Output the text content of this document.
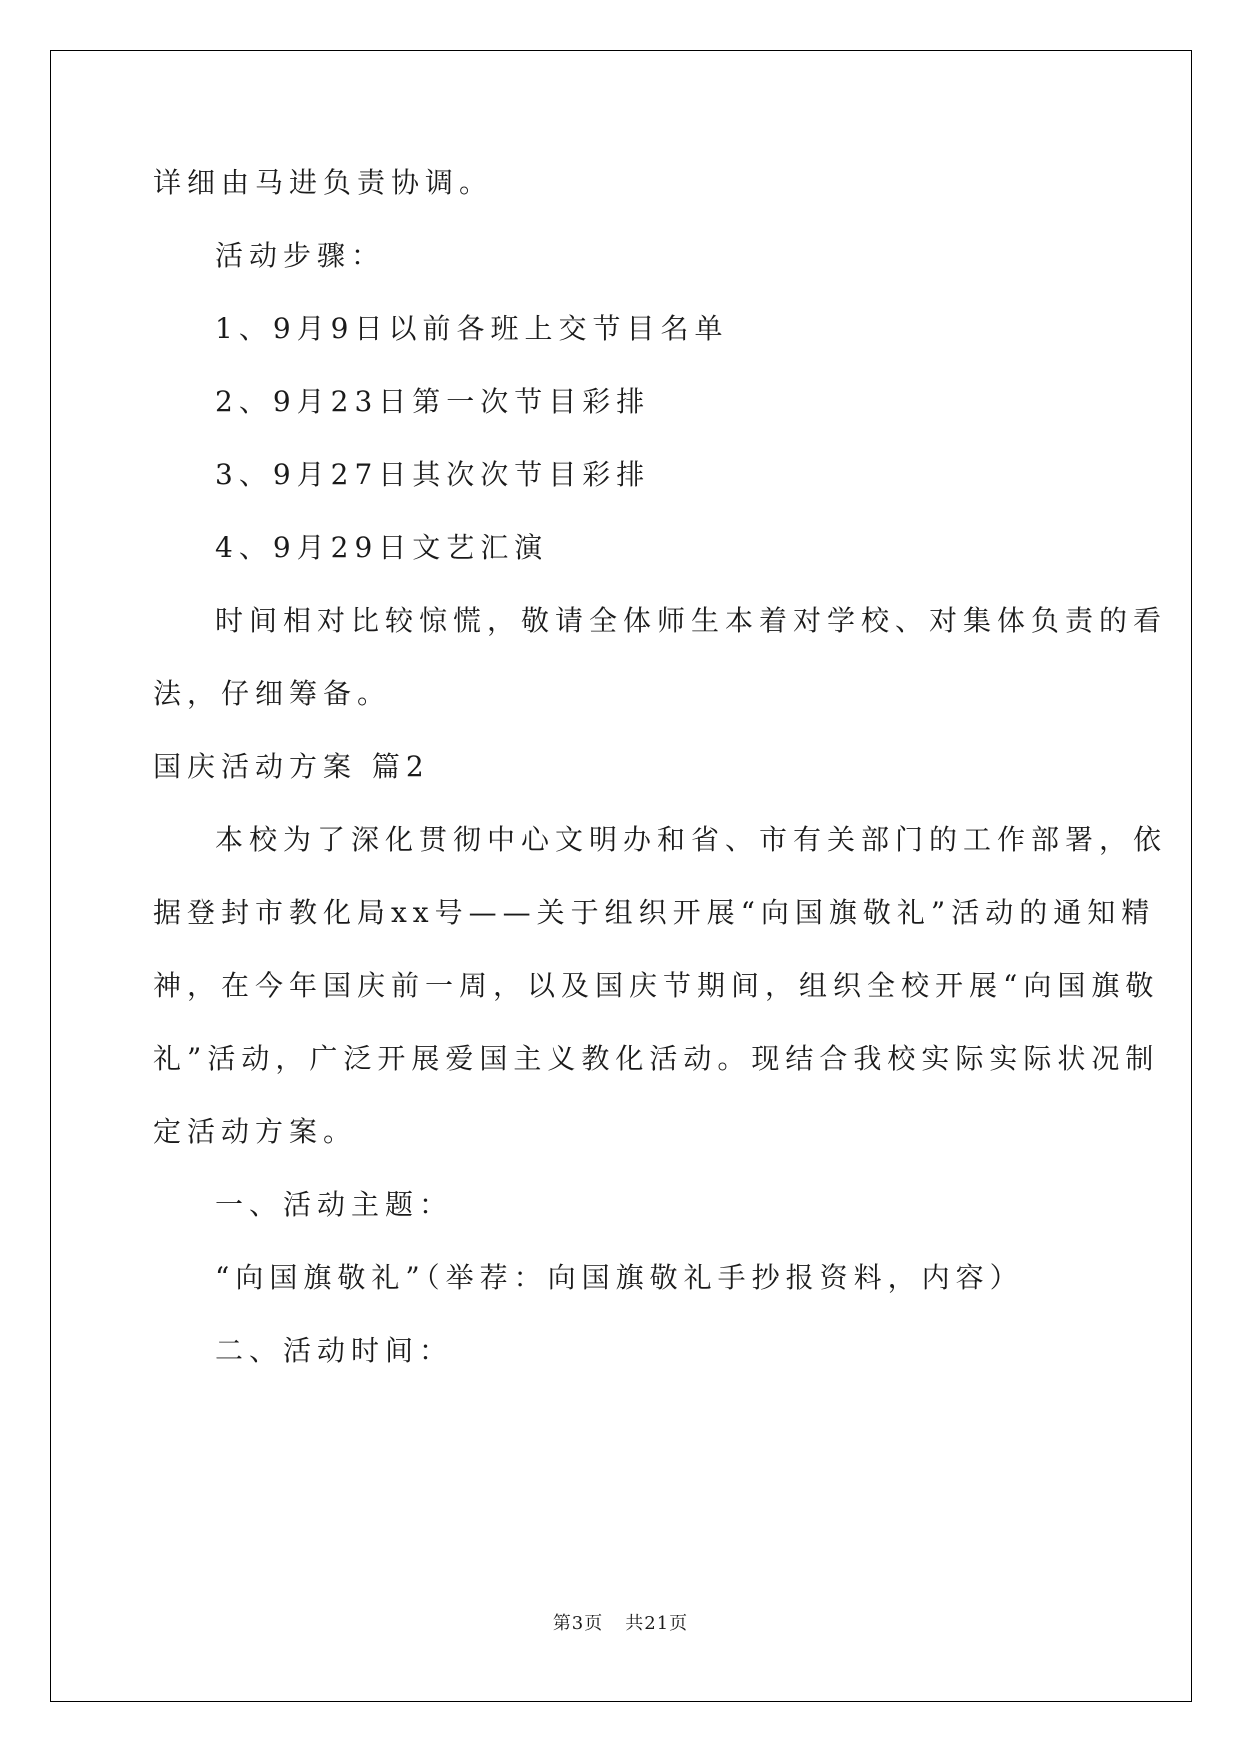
详细由马进负责协调。
活动步骤：
1、9月9日以前各班上交节目名单
2、9月23日第一次节目彩排
3、9月27日其次次节目彩排
4、9月29日文艺汇演
时间相对比较惊慌，敬请全体师生本着对学校、对集体负责的看
法，仔细筹备。
国庆活动方案 篇2
本校为了深化贯彻中心文明办和省、市有关部门的工作部署，依
据登封市教化局xx号——关于组织开展“向国旗敬礼”活动的通知精
神，在今年国庆前一周，以及国庆节期间，组织全校开展“向国旗敬
礼”活动，广泛开展爱国主义教化活动。现结合我校实际实际状况制
定活动方案。
一、活动主题：
“向国旗敬礼”（举荐：向国旗敬礼手抄报资料，内容）
二、活动时间：
第3页 共21页
